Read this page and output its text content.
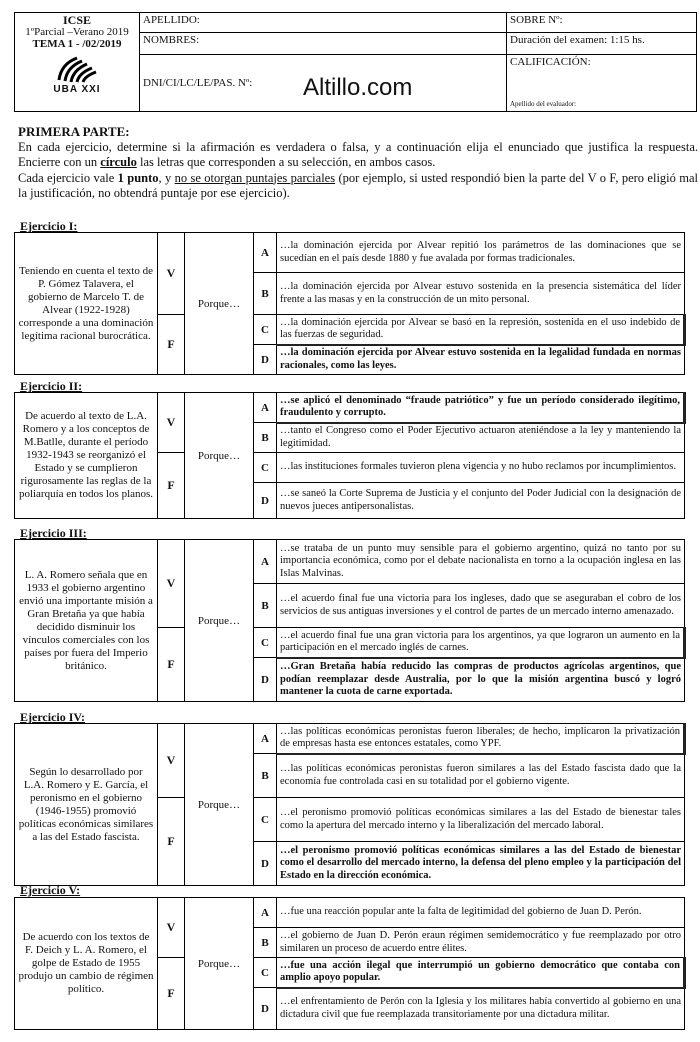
ICSE
1ºParcial –Verano 2019
TEMA 1 - /02/2019
UBA XXI	APELLIDO:	SOBRE Nº:
	NOMBRES:	Duración del examen: 1:15 hs.
	DNI/CI/LC/LE/PAS. Nº:	CALIFICACIÓN:
Apellido del evaluador:
Altillo.com
PRIMERA PARTE:
En cada ejercicio, determine si la afirmación es verdadera o falsa, y a continuación elija el enunciado que justifica la respuesta. Encierre con un círculo las letras que corresponden a su selección, en ambos casos.
Cada ejercicio vale 1 punto, y no se otorgan puntajes parciales (por ejemplo, si usted respondió bien la parte del V o F, pero eligió mal la justificación, no obtendrá puntaje por ese ejercicio).
Ejercicio I:
Teniendo en cuenta el texto de P. Gómez Talavera, el gobierno de Marcelo T. de Alvear (1922-1928) corresponde a una dominación legítima racional burocrática.	V	Porque…	A	…la dominación ejercida por Alvear repitió los parámetros de las dominaciones que se sucedían en el país desde 1880 y fue avalada por formas tradicionales.
			B	…la dominación ejercida por Alvear estuvo sostenida en la presencia sistemática del líder frente a las masas y en la construcción de un mito personal.
	F		C	…la dominación ejercida por Alvear se basó en la represión, sostenida en el uso indebido de las fuerzas de seguridad.
			D	…la dominación ejercida por Alvear estuvo sostenida en la legalidad fundada en normas racionales, como las leyes.
Ejercicio II:
De acuerdo al texto de L.A. Romero y a los conceptos de M.Batlle, durante el período 1932-1943 se reorganizó el Estado y se cumplieron rigurosamente las reglas de la poliarquía en todos los planos.	V	Porque…	A	…se aplicó el denominado “fraude patriótico” y fue un período considerado ilegítimo, fraudulento y corrupto.
			B	…tanto el Congreso como el Poder Ejecutivo actuaron ateniéndose a la ley y manteniendo la legitimidad.
	F		C	…las instituciones formales tuvieron plena vigencia y no hubo reclamos por incumplimientos.
			D	…se saneó la Corte Suprema de Justicia y el conjunto del Poder Judicial con la designación de nuevos jueces antipersonalistas.
Ejercicio III:
L. A. Romero señala que en 1933 el gobierno argentino envió una importante misión a Gran Bretaña ya que había decidido disminuir los vínculos comerciales con los países por fuera del Imperio británico.	V	Porque…	A	…se trataba de un punto muy sensible para el gobierno argentino, quizá no tanto por su importancia económica, como por el debate nacionalista en torno a la ocupación inglesa en las Islas Malvinas.
			B	…el acuerdo final fue una victoria para los ingleses, dado que se aseguraban el cobro de los servicios de sus antiguas inversiones y el control de partes de un mercado interno amenazado.
	F		C	…el acuerdo final fue una gran victoria para los argentinos, ya que lograron un aumento en la participación en el mercado inglés de carnes.
			D	…Gran Bretaña había reducido las compras de productos agrícolas argentinos, que podían reemplazar desde Australia, por lo que la misión argentina buscó y logró mantener la cuota de carne exportada.
Ejercicio IV:
Según lo desarrollado por L.A. Romero y E. García, el peronismo en el gobierno (1946-1955) promovió políticas económicas similares a las del Estado fascista.	V	Porque…	A	…las políticas económicas peronistas fueron liberales; de hecho, implicaron la privatización de empresas hasta ese entonces estatales, como YPF.
			B	…las políticas económicas peronistas fueron similares a las del Estado fascista dado que la economía fue controlada casi en su totalidad por el gobierno vigente.
	F		C	…el peronismo promovió políticas económicas similares a las del Estado de bienestar tales como la apertura del mercado interno y la liberalización del mercado laboral.
			D	…el peronismo promovió políticas económicas similares a las del Estado de bienestar como el desarrollo del mercado interno, la defensa del pleno empleo y la participación del Estado en la dirección económica.
Ejercicio V:
De acuerdo con los textos de F. Deich y L. A. Romero, el golpe de Estado de 1955 produjo un cambio de régimen político.	V	Porque…	A	…fue una reacción popular ante la falta de legitimidad del gobierno de Juan D. Perón.
			B	…el gobierno de Juan D. Perón eraun régimen semidemocrático y fue reemplazado por otro similaren un proceso de acuerdo entre élites.
	F		C	…fue una acción ilegal que interrumpió un gobierno democrático que contaba con amplio apoyo popular.
			D	…el enfrentamiento de Perón con la Iglesia y los militares había convertido al gobierno en una dictadura civil que fue reemplazada transitoriamente por una dictadura militar.
